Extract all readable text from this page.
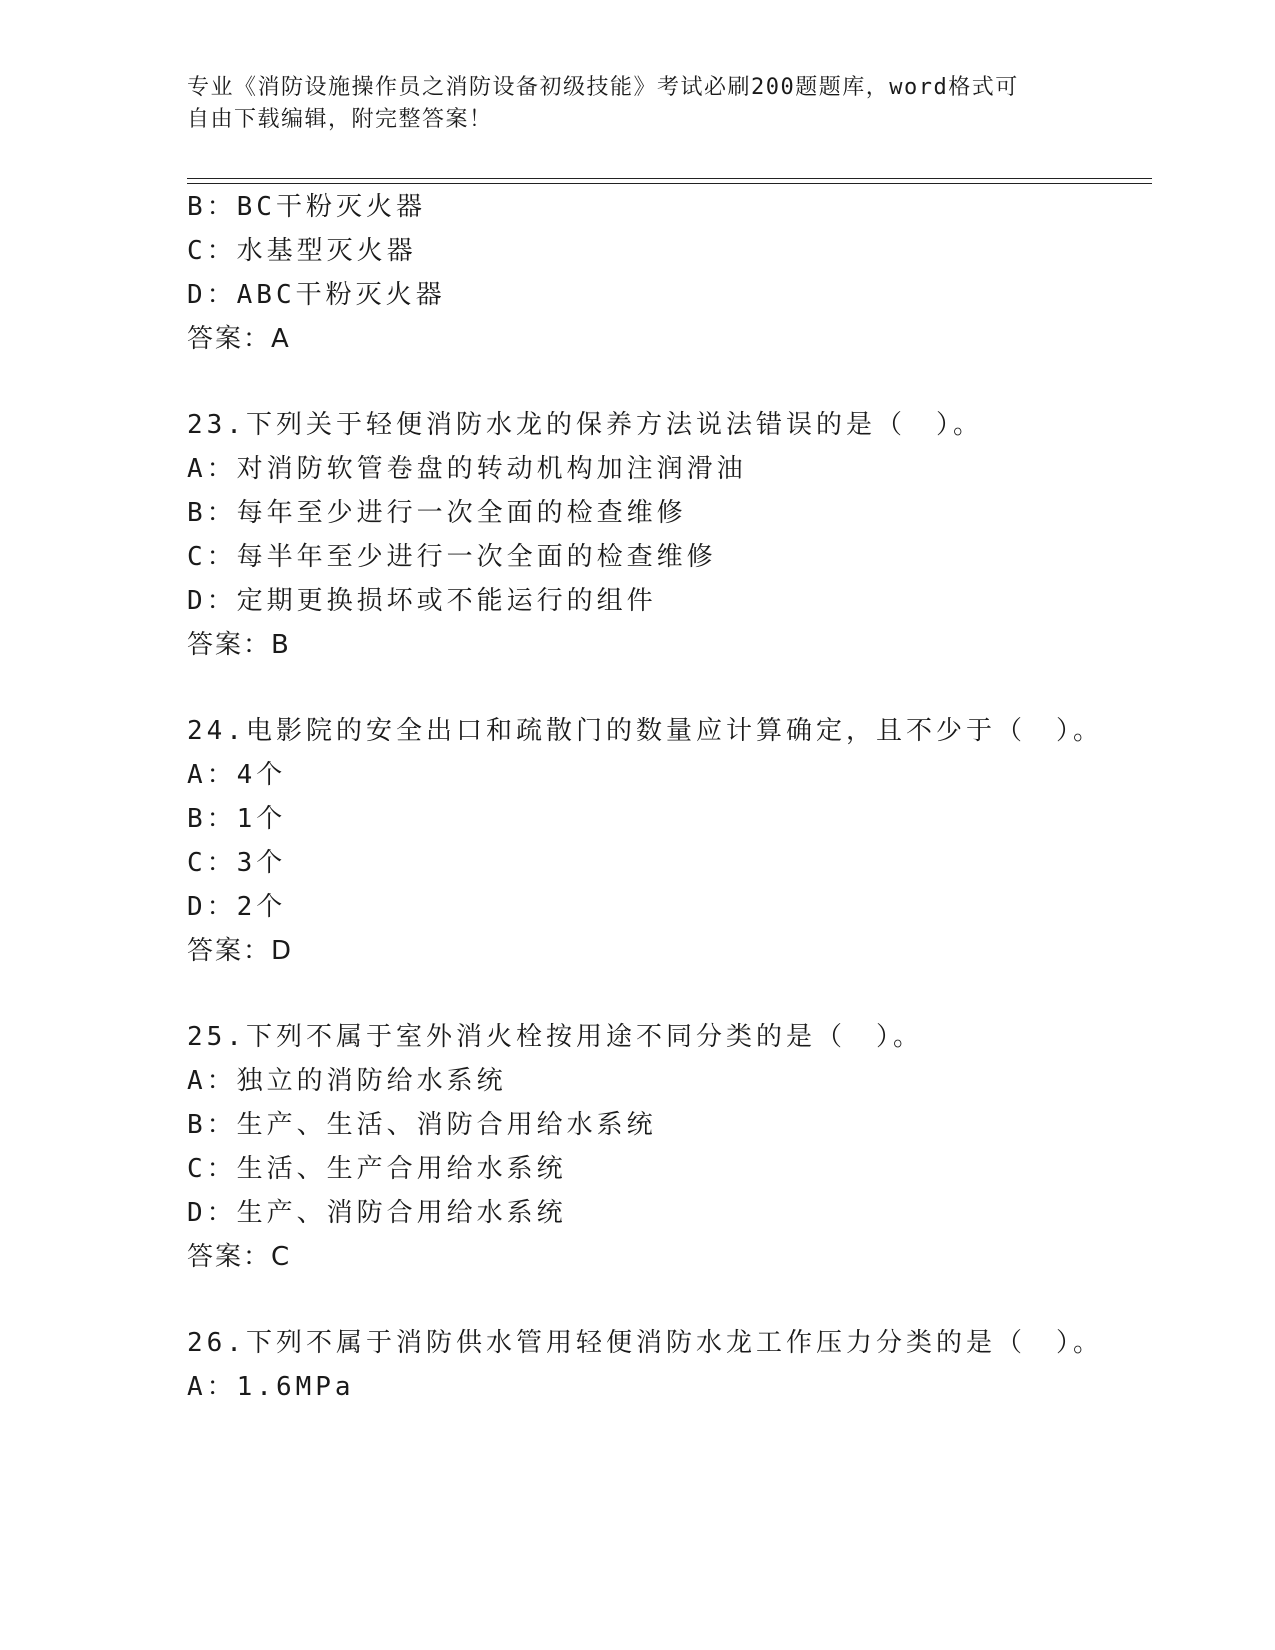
专业《消防设施操作员之消防设备初级技能》考试必刷200题题库，word格式可
自由下载编辑，附完整答案！
B：BC干粉灭火器
C：水基型灭火器
D：ABC干粉灭火器
答案：A
23.下列关于轻便消防水龙的保养方法说法错误的是（　）。
A：对消防软管卷盘的转动机构加注润滑油
B：每年至少进行一次全面的检查维修
C：每半年至少进行一次全面的检查维修
D：定期更换损坏或不能运行的组件
答案：B
24.电影院的安全出口和疏散门的数量应计算确定，且不少于（　）。
A：4个
B：1个
C：3个
D：2个
答案：D
25.下列不属于室外消火栓按用途不同分类的是（　）。
A：独立的消防给水系统
B：生产、生活、消防合用给水系统
C：生活、生产合用给水系统
D：生产、消防合用给水系统
答案：C
26.下列不属于消防供水管用轻便消防水龙工作压力分类的是（　）。
A：1.6MPa
